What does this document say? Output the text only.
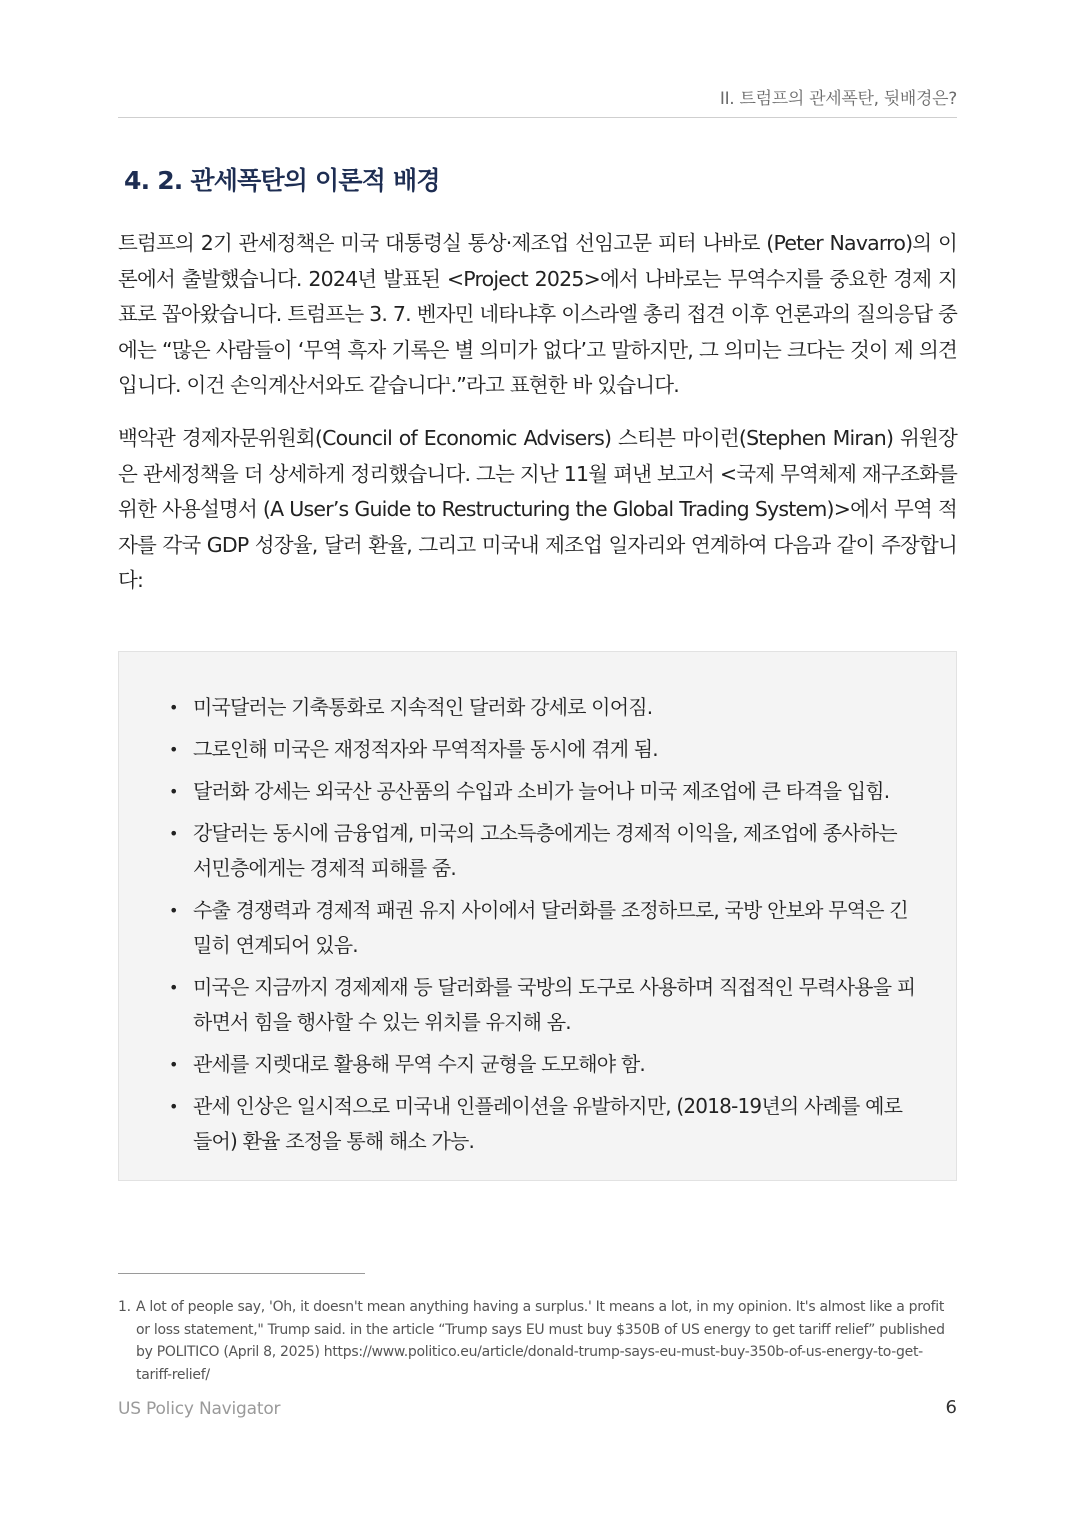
II. 트럼프의 관세폭탄, 뒷배경은?
4. 2. 관세폭탄의 이론적 배경

트럼프의 2기 관세정책은 미국 대통령실 통상·제조업 선임고문 피터 나바로 (Peter Navarro)의 이론에서 출발했습니다. 2024년 발표된 <Project 2025>에서 나바로는 무역수지를 중요한 경제 지표로 꼽아왔습니다. 트럼프는 3. 7. 벤자민 네타냐후 이스라엘 총리 접견 이후 언론과의 질의응답 중에는 “많은 사람들이 ‘무역 흑자 기록은 별 의미가 없다’고 말하지만, 그 의미는 크다는 것이 제 의견입니다. 이건 손익계산서와도 같습니다$^1$.”라고 표현한 바 있습니다.

백악관 경제자문위원회(Council of Economic Advisers) 스티븐 마이런(Stephen Miran) 위원장은 관세정책을 더 상세하게 정리했습니다. 그는 지난 11월 펴낸 보고서 <국제 무역체제 재구조화를 위한 사용설명서 (A User’s Guide to Restructuring the Global Trading System)>에서 무역 적자를 각국 GDP 성장율, 달러 환율, 그리고 미국내 제조업 일자리와 연계하여 다음과 같이 주장합니다:

• 미국달러는 기축통화로 지속적인 달러화 강세로 이어짐.
• 그로인해 미국은 재정적자와 무역적자를 동시에 겪게 됨.
• 달러화 강세는 외국산 공산품의 수입과 소비가 늘어나 미국 제조업에 큰 타격을 입힘.
• 강달러는 동시에 금융업계, 미국의 고소득층에게는 경제적 이익을, 제조업에 종사하는 서민층에게는 경제적 피해를 줌.
• 수출 경쟁력과 경제적 패권 유지 사이에서 달러화를 조정하므로, 국방 안보와 무역은 긴밀히 연계되어 있음.
• 미국은 지금까지 경제제재 등 달러화를 국방의 도구로 사용하며 직접적인 무력사용을 피하면서 힘을 행사할 수 있는 위치를 유지해 옴.
• 관세를 지렛대로 활용해 무역 수지 균형을 도모해야 함.
• 관세 인상은 일시적으로 미국내 인플레이션을 유발하지만, (2018-19년의 사례를 예로 들어) 환율 조정을 통해 해소 가능.
1. A lot of people say, 'Oh, it doesn't mean anything having a surplus.' It means a lot, in my opinion. It's almost like a profit or loss statement," Trump said. in the article “Trump says EU must buy $350B of US energy to get tariff relief” published by POLITICO (April 8, 2025) https://www.politico.eu/article/donald-trump-says-eu-must-buy-350b-of-us-energy-to-get-tariff-relief/
US Policy Navigator	6
